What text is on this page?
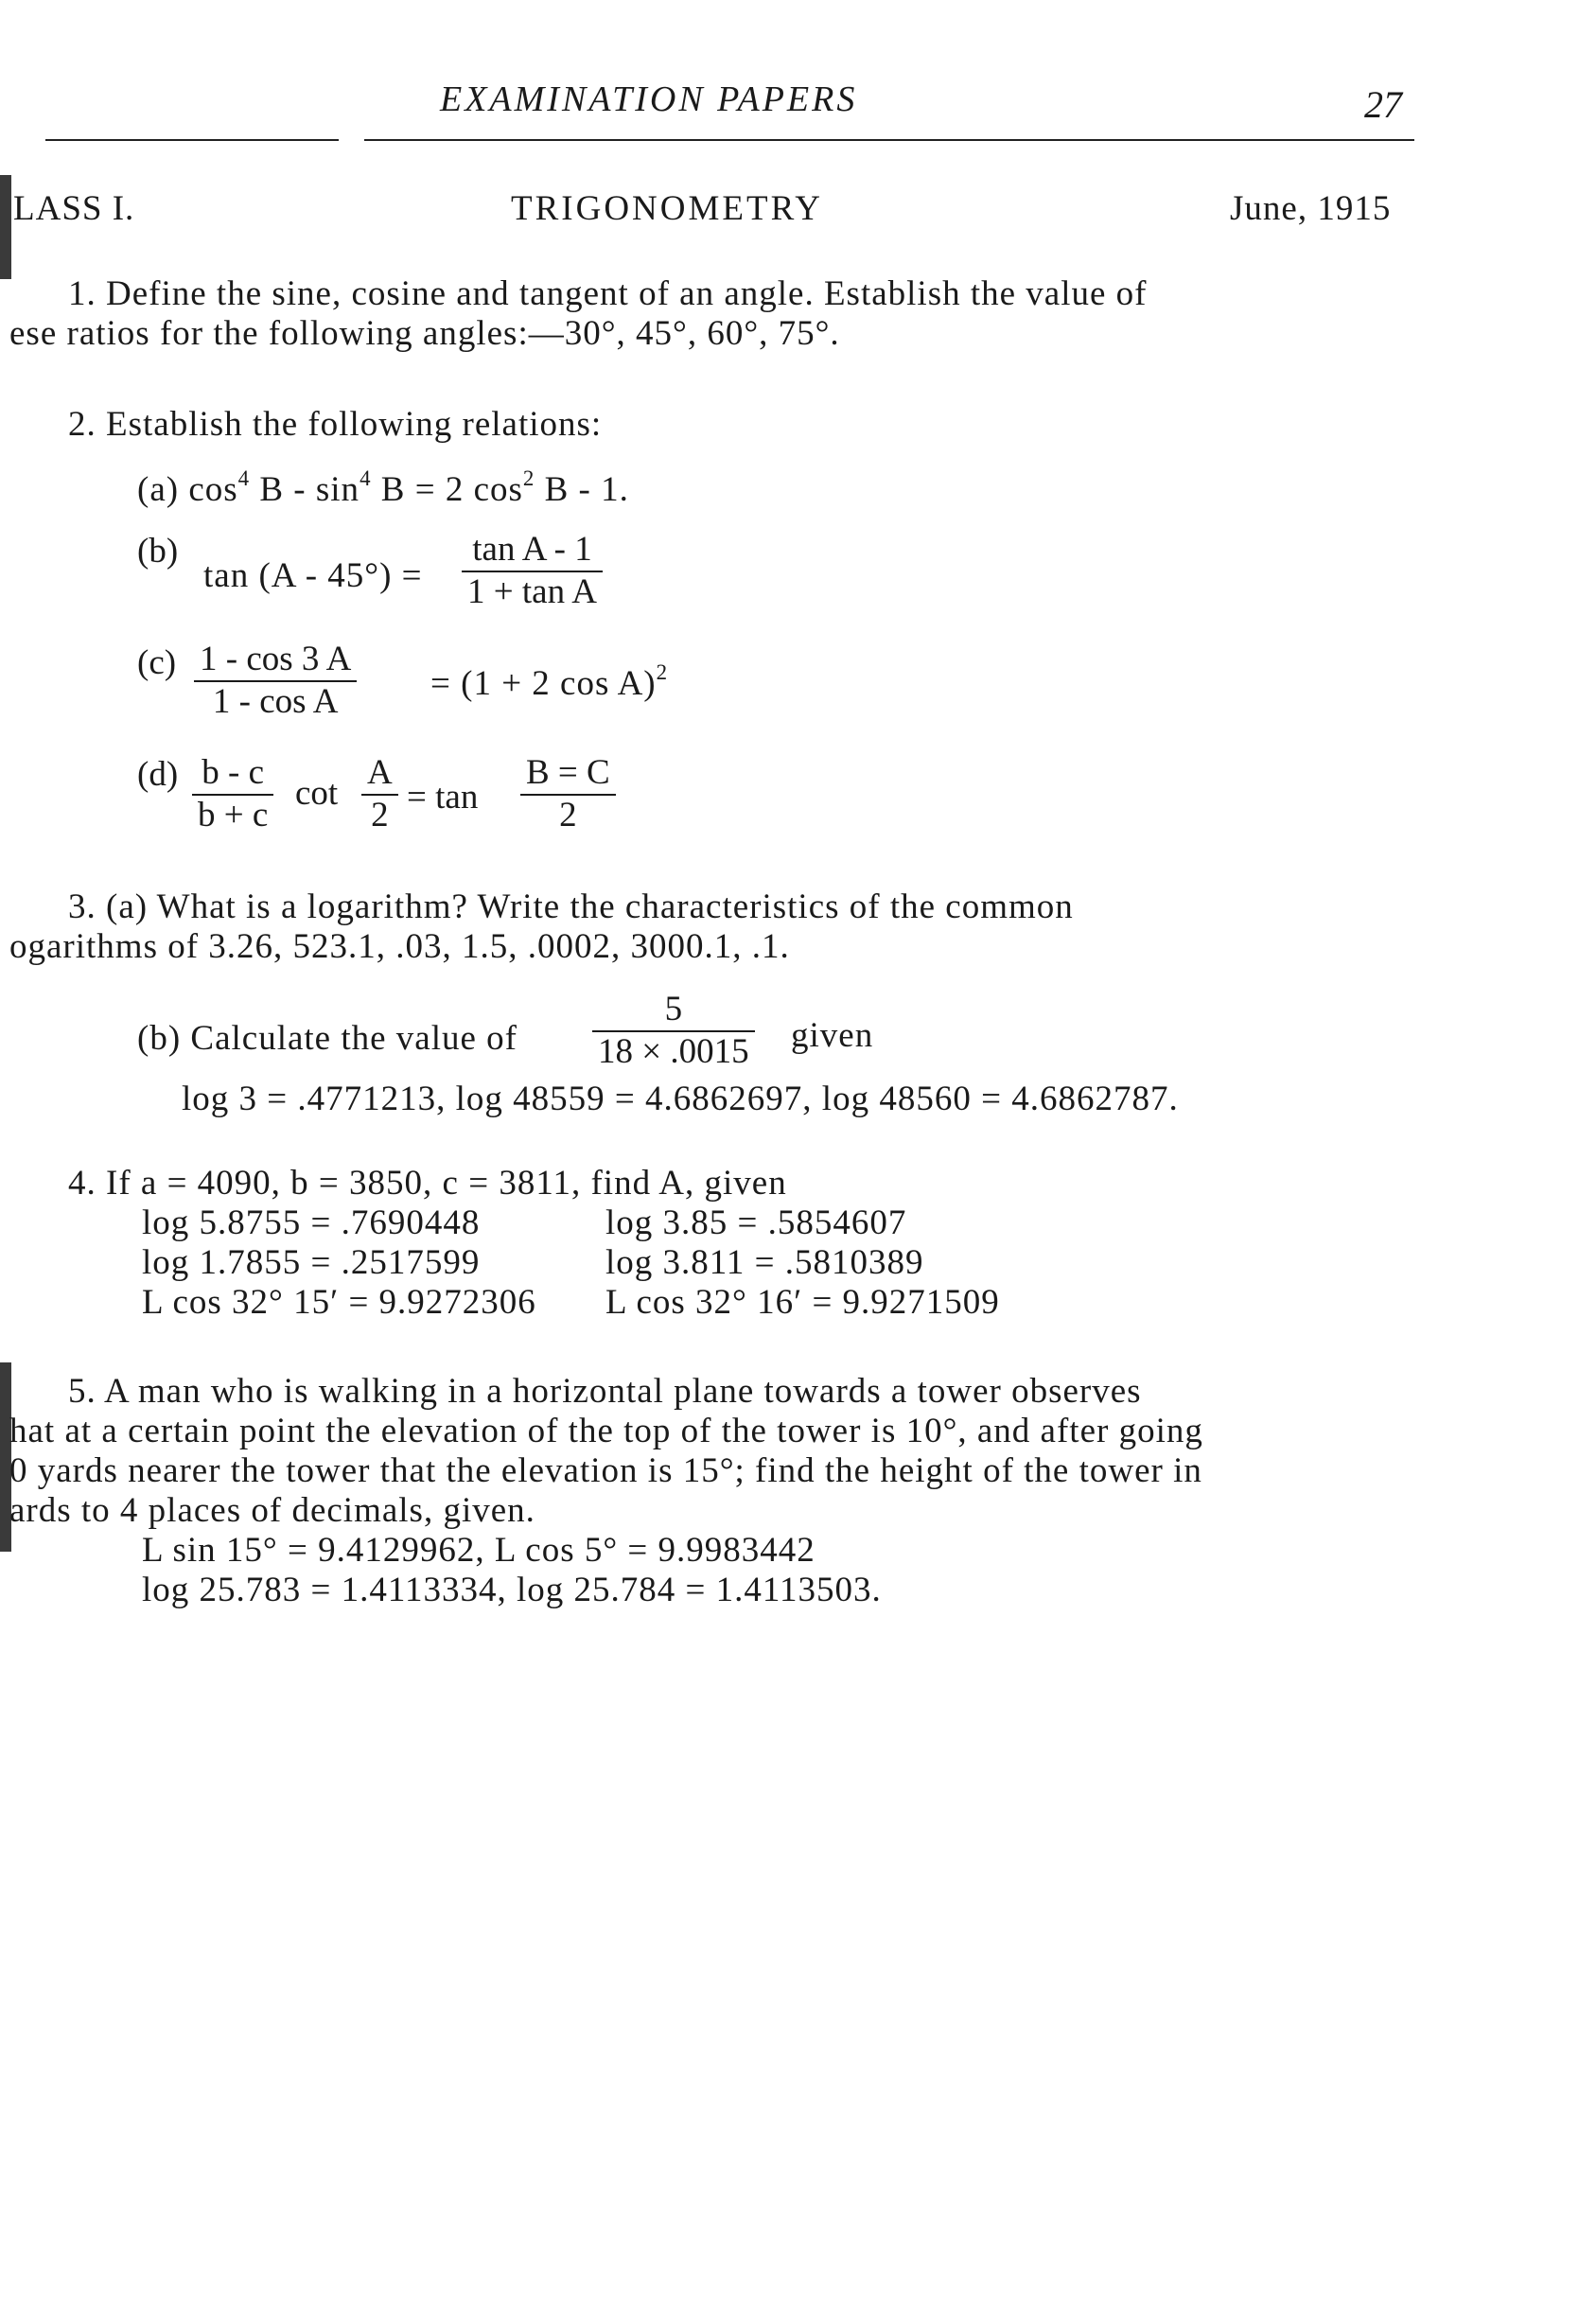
EXAMINATION PAPERS	27
LASS I.	TRIGONOMETRY	June, 1915
1. Define the sine, cosine and tangent of an angle. Establish the value of
ese ratios for the following angles:—30°, 45°, 60°, 75°.
2. Establish the following relations:
(a) $\cos^4 B - \sin^4 B = 2$ $\cos^2 B - 1$.
(b)
$\tan (A - 45^\circ) = \frac{\text{tan A - 1}}{\text{1 + tan A}}$
$(c) \frac{1 - \cos 3 A}{\text{1 - cos A}} = (1 + 2$ cos A)$^2$
$(d) \frac{b - c}{b + c}$ $\cot \frac{A}{2} = \tan \frac{B = C}{2}$
3. (a) What is a logarithm? Write the characteristics of the common
ogarithms of 3.26, 523.1, .03, 1.5, .0002, 3000.1, .1.
(b) Calculate the value of $\frac{5}{18 \times .0015}$ given
log 3 = .4771213, log 48559 = 4.6862697, log 48560 = 4.6862787.
4. If a = 4090, b = 3850, c = 3811, find A, given
log 5.8755 = .7690448	log 3.85 = .5854607
log 1.7855 = .2517599	log 3.811 = .5810389
L cos 32° 15′ = 9.9272306 L cos 32° 16′ = 9.9271509
5. A man who is walking in a horizontal plane towards a tower observes
hat at a certain point the elevation of the top of the tower is 10°, and after going
0 yards nearer the tower that the elevation is 15°; find the height of the tower in
ards to 4 places of decimals, given.
L sin 15° = 9.4129962, L cos 5° = 9.9983442
log 25.783 = 1.4113334, log 25.784 = 1.4113503.
